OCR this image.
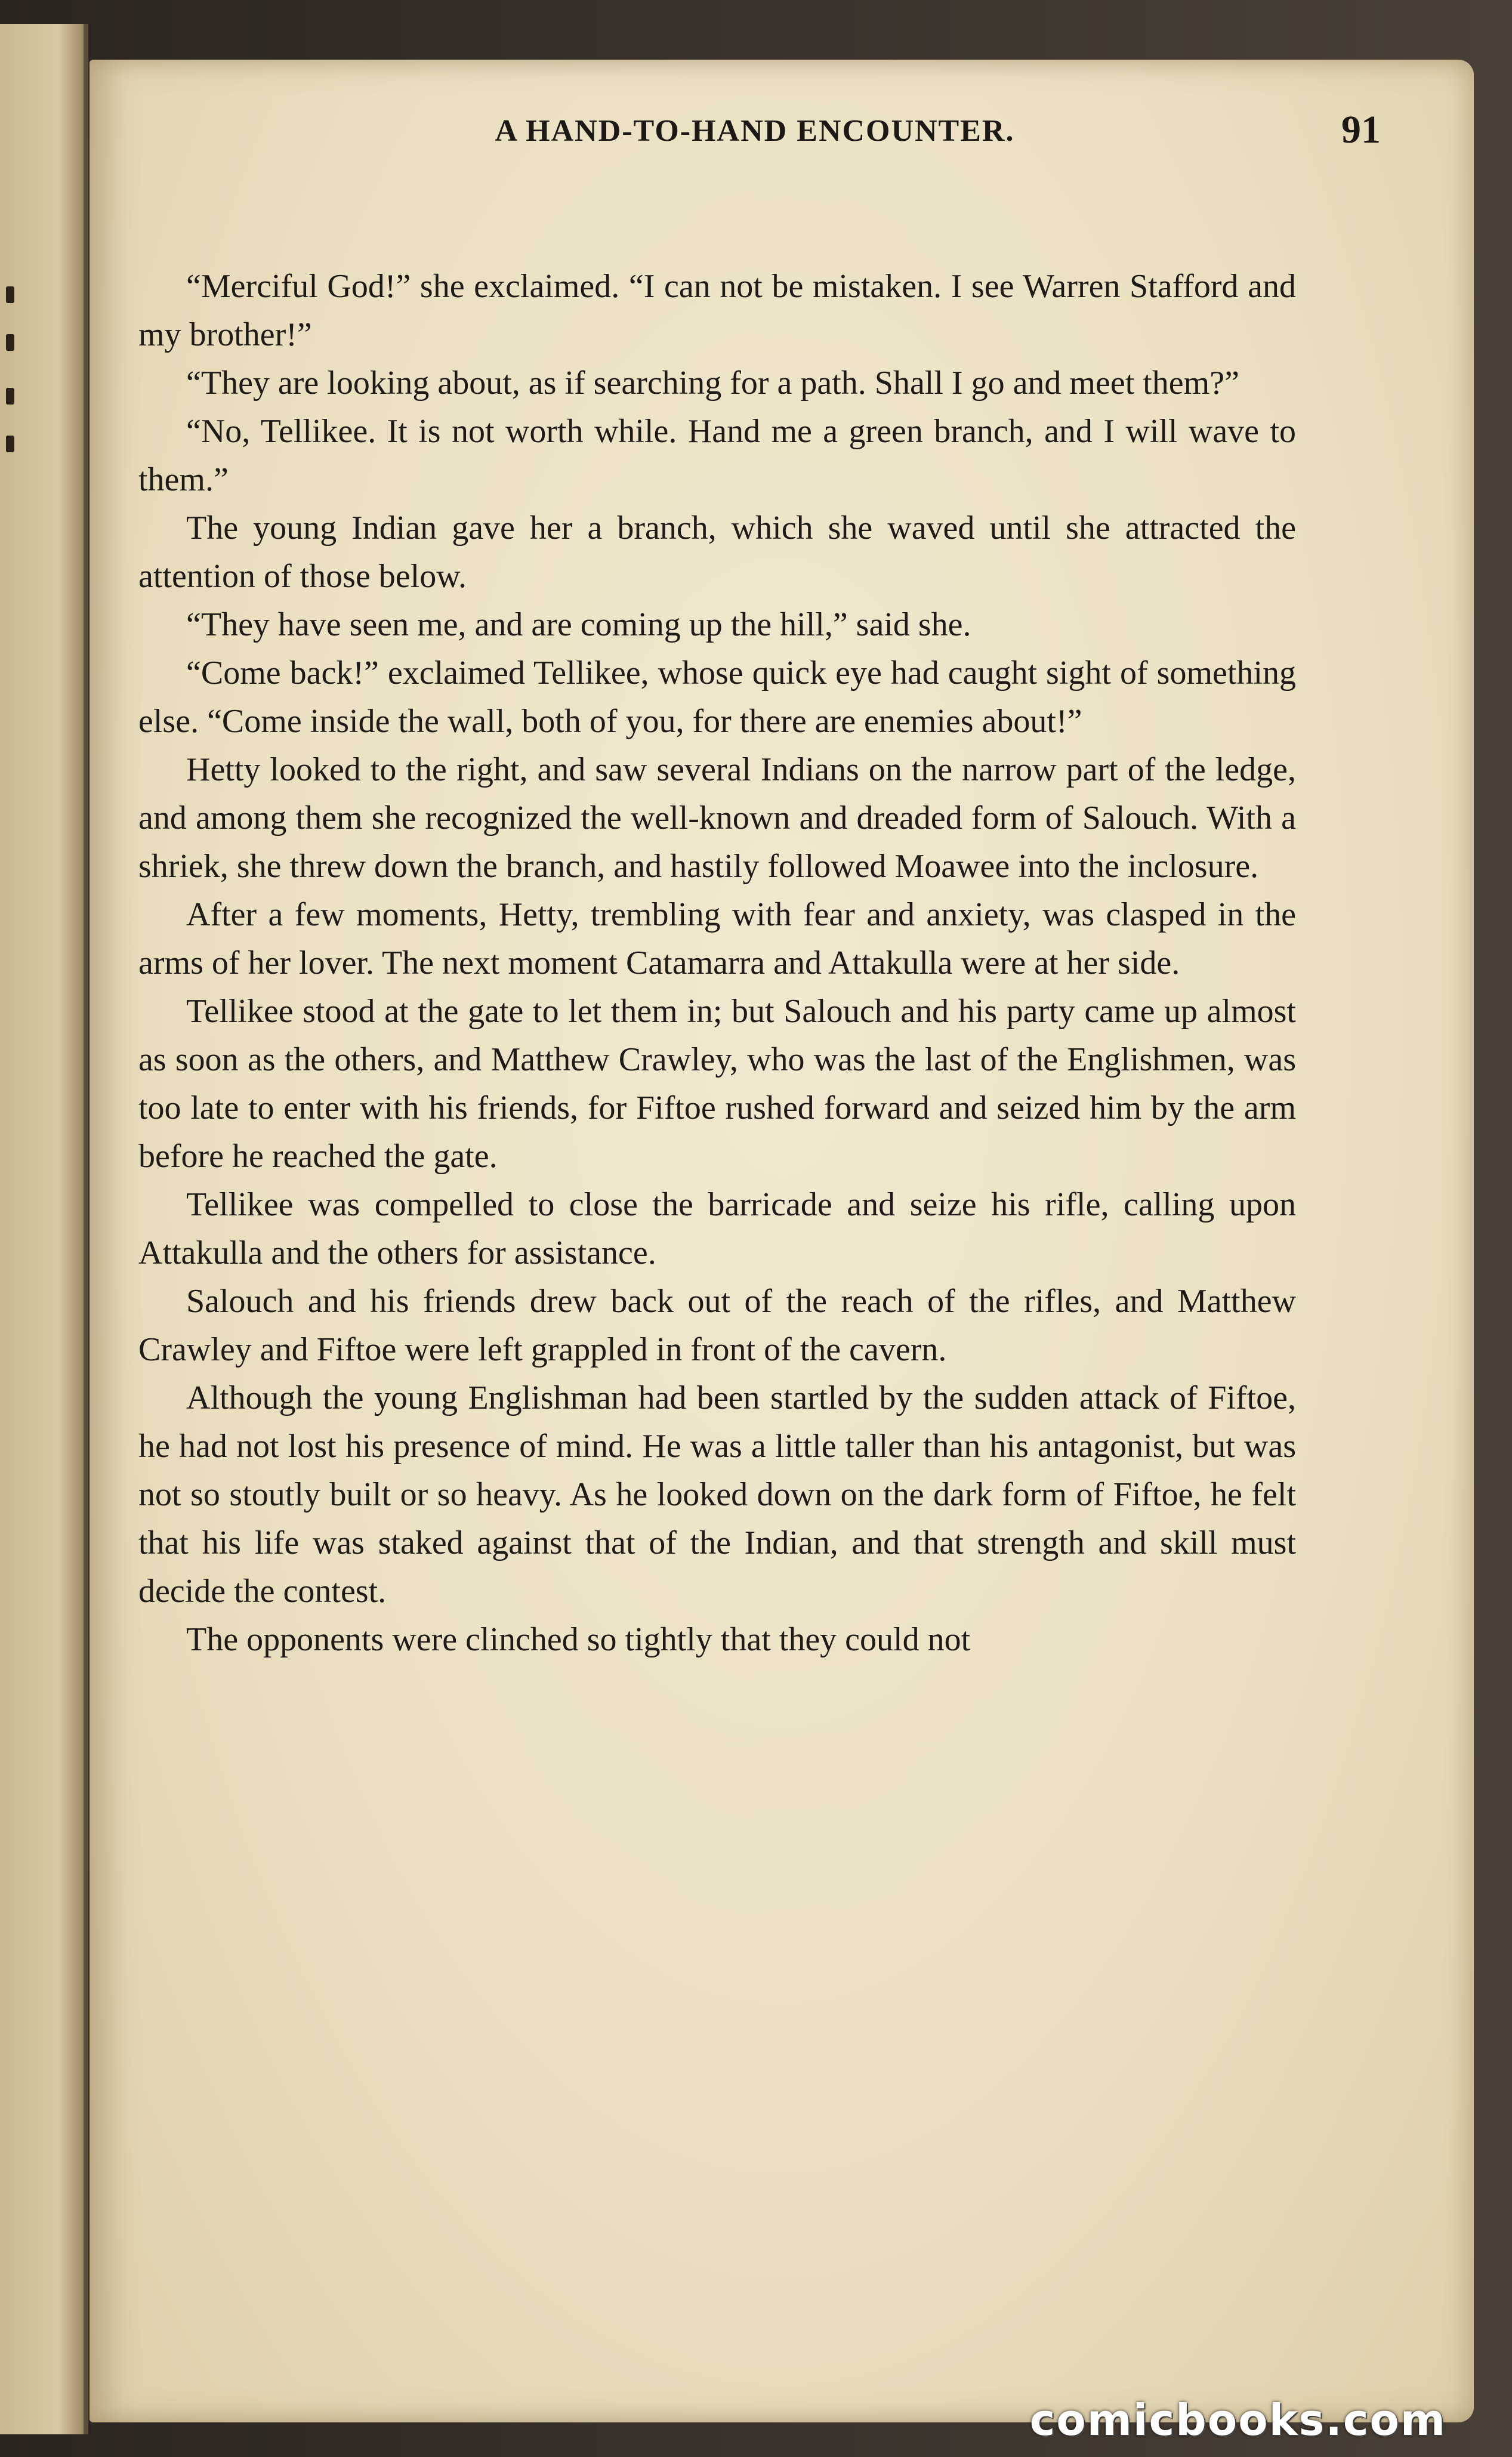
A HAND-TO-HAND ENCOUNTER.	91

“Merciful God!” she exclaimed. “I can not be mistaken. I see Warren Stafford and my brother!”

“They are looking about, as if searching for a path. Shall I go and meet them?”

“No, Tellikee. It is not worth while. Hand me a green branch, and I will wave to them.”

The young Indian gave her a branch, which she waved until she attracted the attention of those below.

“They have seen me, and are coming up the hill,” said she.

“Come back!” exclaimed Tellikee, whose quick eye had caught sight of something else. “Come inside the wall, both of you, for there are enemies about!”

Hetty looked to the right, and saw several Indians on the narrow part of the ledge, and among them she recognized the well-known and dreaded form of Salouch. With a shriek, she threw down the branch, and hastily followed Moawee into the inclosure.

After a few moments, Hetty, trembling with fear and anxiety, was clasped in the arms of her lover. The next moment Catamarra and Attakulla were at her side.

Tellikee stood at the gate to let them in; but Salouch and his party came up almost as soon as the others, and Matthew Crawley, who was the last of the Englishmen, was too late to enter with his friends, for Fiftoe rushed forward and seized him by the arm before he reached the gate.

Tellikee was compelled to close the barricade and seize his rifle, calling upon Attakulla and the others for assistance.

Salouch and his friends drew back out of the reach of the rifles, and Matthew Crawley and Fiftoe were left grappled in front of the cavern.

Although the young Englishman had been startled by the sudden attack of Fiftoe, he had not lost his presence of mind. He was a little taller than his antagonist, but was not so stoutly built or so heavy. As he looked down on the dark form of Fiftoe, he felt that his life was staked against that of the Indian, and that strength and skill must decide the contest.

The opponents were clinched so tightly that they could not

comicbooks.com
